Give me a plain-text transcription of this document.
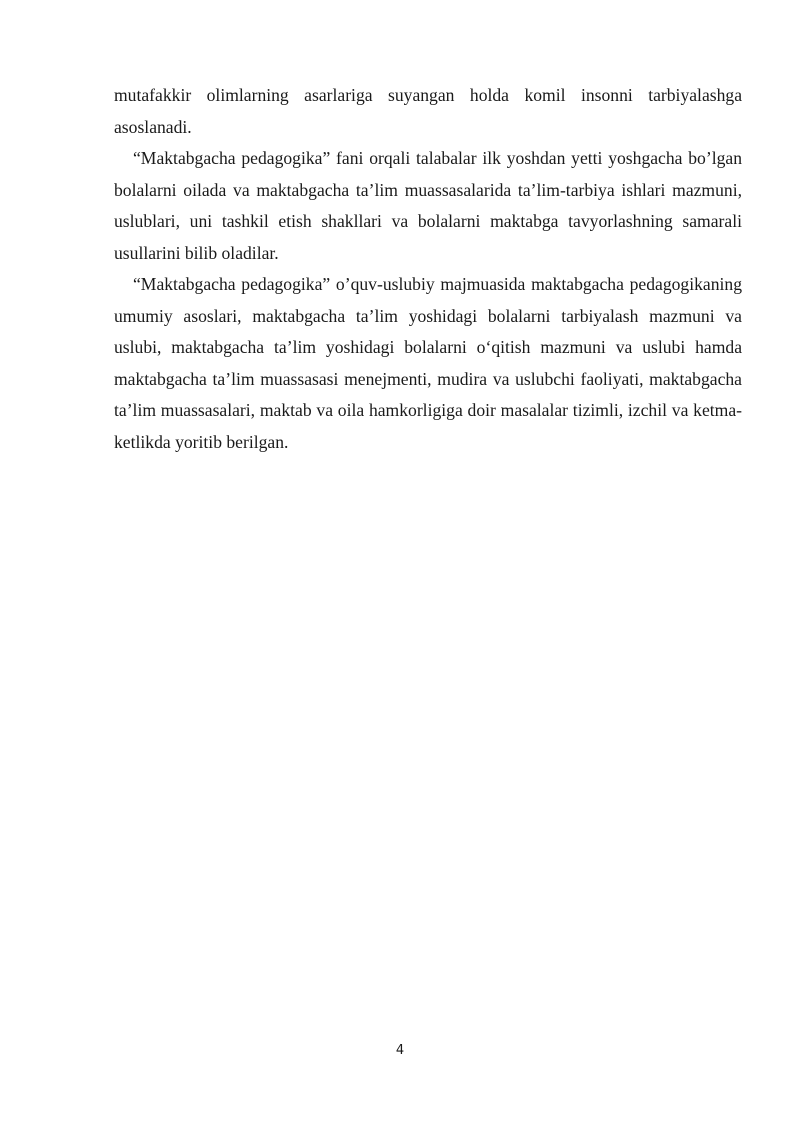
mutafakkir olimlarning asarlariga suyangan holda komil insonni tarbiyalashga asoslanadi.

“Maktabgacha pedagogika” fani orqali talabalar ilk yoshdan yetti yoshgacha bo’lgan bolalarni oilada va maktabgacha ta’lim muassasalarida ta’lim-tarbiya ishlari mazmuni, uslublari, uni tashkil etish shakllari va bolalarni maktabga tavyorlashning samarali usullarini bilib oladilar.

“Maktabgacha pedagogika” o’quv-uslubiy majmuasida maktabgacha pedagogikaning umumiy asoslari, maktabgacha ta’lim yoshidagi bolalarni tarbiyalash mazmuni va uslubi, maktabgacha ta’lim yoshidagi bolalarni o‘qitish mazmuni va uslubi hamda maktabgacha ta’lim muassasasi menejmenti, mudira va uslubchi faoliyati, maktabgacha ta’lim muassasalari, maktab va oila hamkorligiga doir masalalar tizimli, izchil va ketma-ketlikda yoritib berilgan.

4
